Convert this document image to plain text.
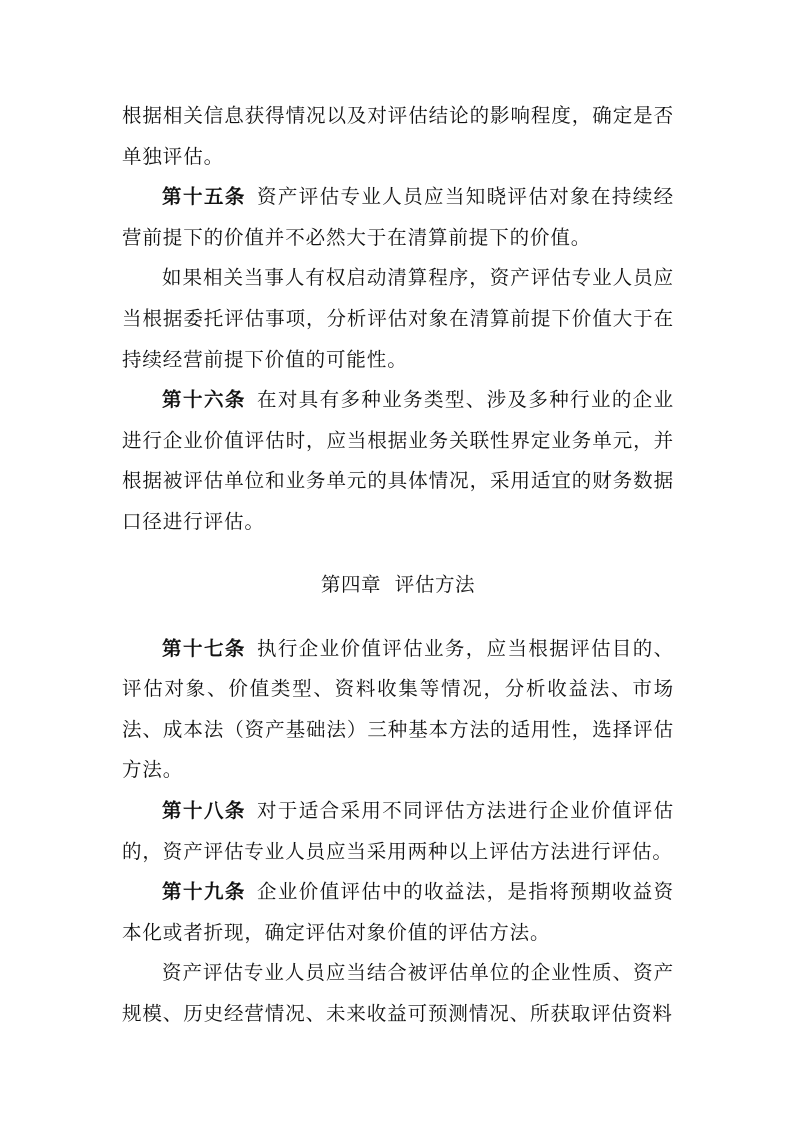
根据相关信息获得情况以及对评估结论的影响程度，确定是否单独评估。

第十五条  资产评估专业人员应当知晓评估对象在持续经营前提下的价值并不必然大于在清算前提下的价值。

如果相关当事人有权启动清算程序，资产评估专业人员应当根据委托评估事项，分析评估对象在清算前提下价值大于在持续经营前提下价值的可能性。

第十六条  在对具有多种业务类型、涉及多种行业的企业进行企业价值评估时，应当根据业务关联性界定业务单元，并根据被评估单位和业务单元的具体情况，采用适宜的财务数据口径进行评估。

第四章  评估方法

第十七条  执行企业价值评估业务，应当根据评估目的、评估对象、价值类型、资料收集等情况，分析收益法、市场法、成本法（资产基础法）三种基本方法的适用性，选择评估方法。

第十八条  对于适合采用不同评估方法进行企业价值评估的，资产评估专业人员应当采用两种以上评估方法进行评估。

第十九条  企业价值评估中的收益法，是指将预期收益资本化或者折现，确定评估对象价值的评估方法。

资产评估专业人员应当结合被评估单位的企业性质、资产规模、历史经营情况、未来收益可预测情况、所获取评估资料
